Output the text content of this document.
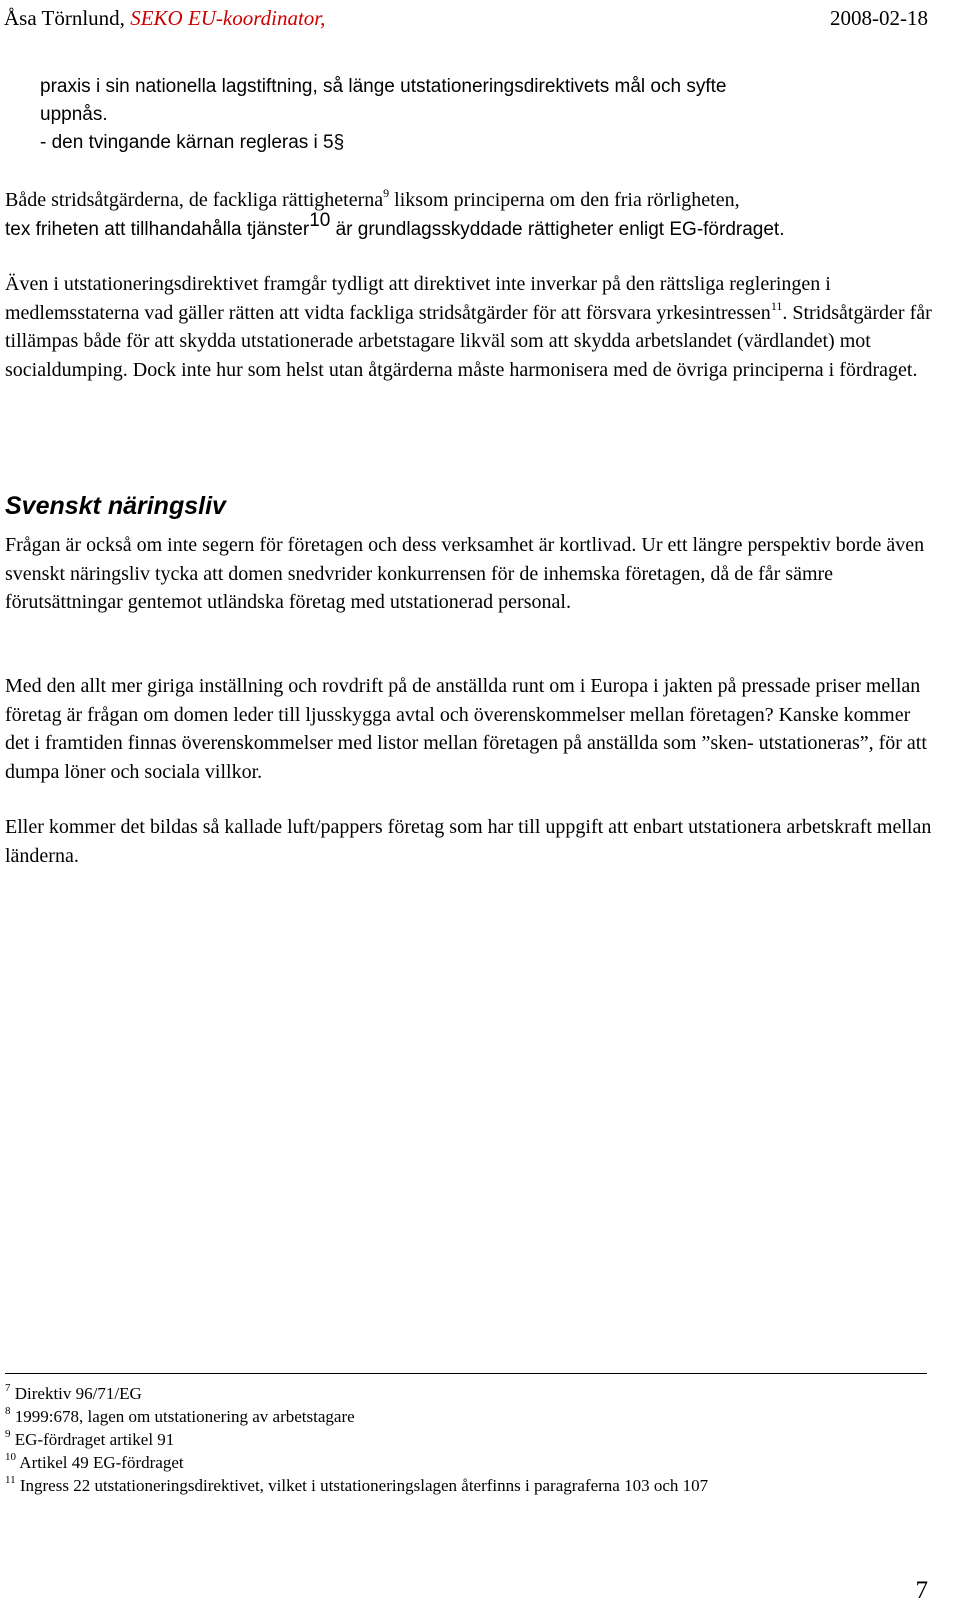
Åsa Törnlund, SEKO EU-koordinator,	2008-02-18

praxis i sin nationella lagstiftning, så länge utstationeringsdirektivets mål och syfte

uppnås.

- den tvingande kärnan regleras i 5§

Både stridsåtgärderna, de fackliga rättigheterna$^9$ liksom principerna om den fria rörligheten,
tex friheten att tillhandahålla tjänster$^{10}$ är grundlagsskyddade rättigheter enligt EG-fördraget.

Även i utstationeringsdirektivet framgår tydligt att direktivet inte inverkar på den rättsliga regleringen i medlemsstaterna vad gäller rätten att vidta fackliga stridsåtgärder för att försvara yrkesintressen$^{11}$. Stridsåtgärder får tillämpas både för att skydda utstationerade arbetstagare likväl som att skydda arbetslandet (värdlandet) mot socialdumping. Dock inte hur som helst utan åtgärderna måste harmonisera med de övriga principerna i fördraget.

Svenskt näringsliv

Frågan är också om inte segern för företagen och dess verksamhet är kortlivad. Ur ett längre perspektiv borde även svenskt näringsliv tycka att domen snedvrider konkurrensen för de inhemska företagen, då de får sämre förutsättningar gentemot utländska företag med utstationerad personal.

Med den allt mer giriga inställning och rovdrift på de anställda runt om i Europa i jakten på pressade priser mellan företag är frågan om domen leder till ljusskygga avtal och överenskommelser mellan företagen? Kanske kommer det i framtiden finnas överenskommelser med listor mellan företagen på anställda som ”sken- utstationeras”, för att dumpa löner och sociala villkor.

Eller kommer det bildas så kallade luft/pappers företag som har till uppgift att enbart utstationera arbetskraft mellan länderna.

$^7$ Direktiv 96/71/EG

$^8$ 1999:678, lagen om utstationering av arbetstagare

$^9$ EG-fördraget artikel 91

$^{10}$ Artikel 49 EG-fördraget

$^{11}$ Ingress 22 utstationeringsdirektivet, vilket i utstationeringslagen återfinns i paragraferna 103 och 107

7
